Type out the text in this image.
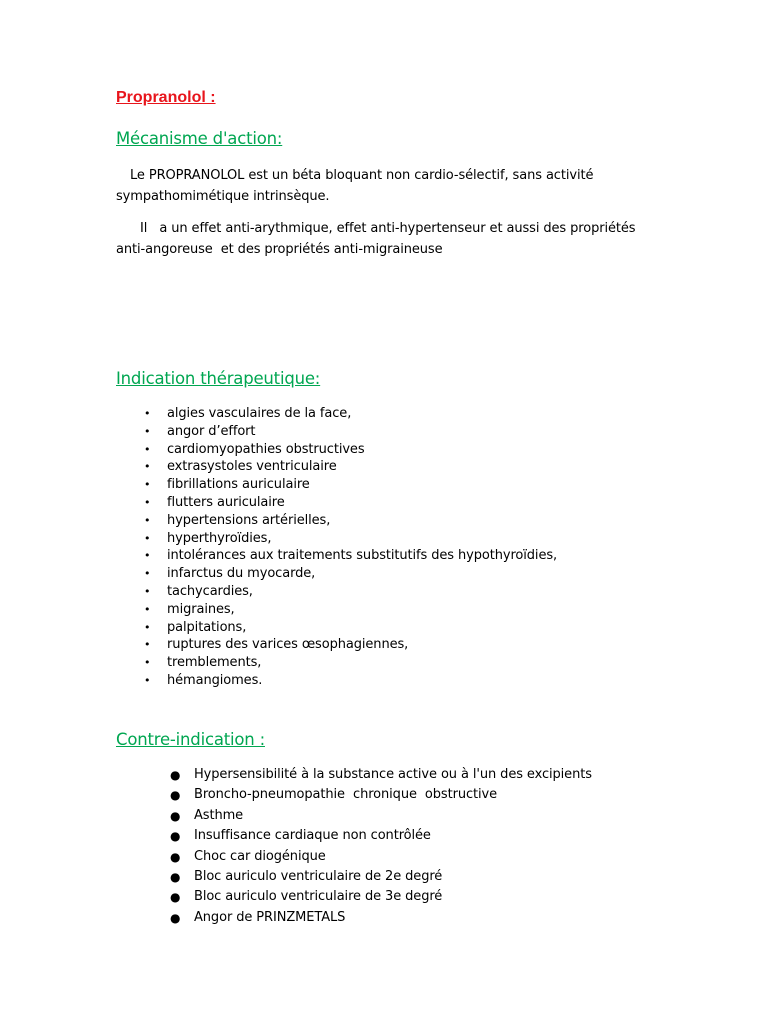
Propranolol :
Mécanisme d'action:

Le PROPRANOLOL est un béta bloquant non cardio-sélectif, sans activité sympathomimétique intrinsèque.

Il   a un effet anti-arythmique, effet anti-hypertenseur et aussi des propriétés anti-angoreuse  et des propriétés anti-migraineuse

Indication thérapeutique:
• algies vasculaires de la face,
• angor d’effort
• cardiomyopathies obstructives
• extrasystoles ventriculaire
• fibrillations auriculaire
• flutters auriculaire
• hypertensions artérielles,
• hyperthyroïdies,
• intolérances aux traitements substitutifs des hypothyroïdies,
• infarctus du myocarde,
• tachycardies,
• migraines,
• palpitations,
• ruptures des varices œsophagiennes,
• tremblements,
• hémangiomes.
Contre-indication :
● Hypersensibilité à la substance active ou à l'un des excipients
● Broncho-pneumopathie  chronique  obstructive
● Asthme
● Insuffisance cardiaque non contrôlée
● Choc car diogénique
● Bloc auriculo ventriculaire de 2e degré
● Bloc auriculo ventriculaire de 3e degré
● Angor de PRINZMETALS
